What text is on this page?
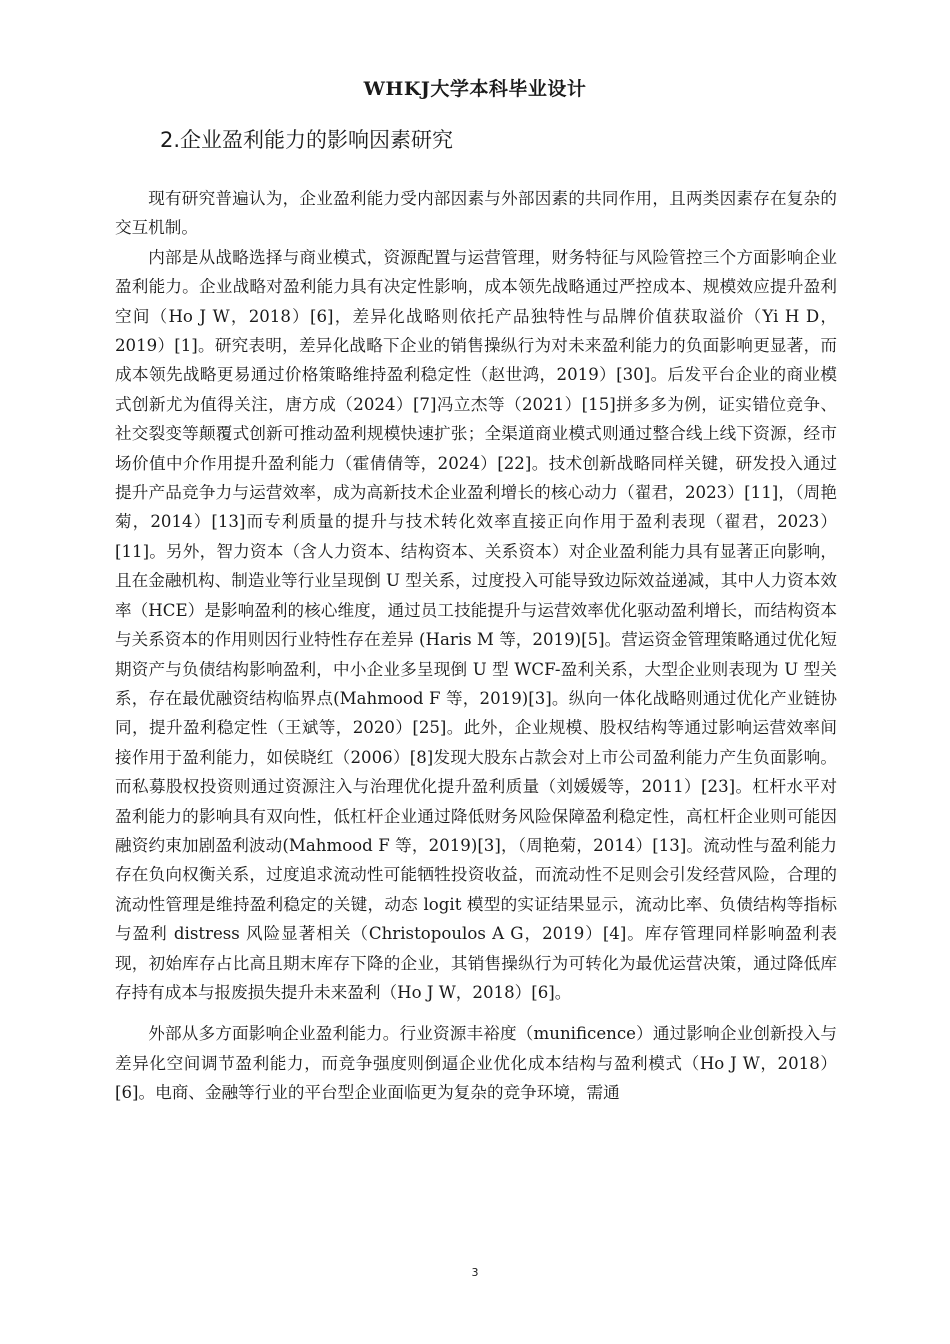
WHKJ大学本科毕业设计
2.企业盈利能力的影响因素研究

现有研究普遍认为，企业盈利能力受内部因素与外部因素的共同作用，且两类因素存在复杂的交互机制。

内部是从战略选择与商业模式，资源配置与运营管理，财务特征与风险管控三个方面影响企业盈利能力。企业战略对盈利能力具有决定性影响，成本领先战略通过严控成本、规模效应提升盈利空间（Ho J W，2018）[6]，差异化战略则依托产品独特性与品牌价值获取溢价（Yi H D，2019）[1]。研究表明，差异化战略下企业的销售操纵行为对未来盈利能力的负面影响更显著，而成本领先战略更易通过价格策略维持盈利稳定性（赵世鸿，2019）[30]。后发平台企业的商业模式创新尤为值得关注，唐方成（2024）[7]冯立杰等（2021）[15]拼多多为例，证实错位竞争、社交裂变等颠覆式创新可推动盈利规模快速扩张；全渠道商业模式则通过整合线上线下资源，经市场价值中介作用提升盈利能力（霍倩倩等，2024）[22]。技术创新战略同样关键，研发投入通过提升产品竞争力与运营效率，成为高新技术企业盈利增长的核心动力（翟君，2023）[11]，（周艳菊，2014）[13]而专利质量的提升与技术转化效率直接正向作用于盈利表现（翟君，2023）[11]。另外，智力资本（含人力资本、结构资本、关系资本）对企业盈利能力具有显著正向影响，且在金融机构、制造业等行业呈现倒 U 型关系，过度投入可能导致边际效益递减，其中人力资本效率（HCE）是影响盈利的核心维度，通过员工技能提升与运营效率优化驱动盈利增长，而结构资本与关系资本的作用则因行业特性存在差异 (Haris M 等，2019)[5]。营运资金管理策略通过优化短期资产与负债结构影响盈利，中小企业多呈现倒 U 型 WCF-盈利关系，大型企业则表现为 U 型关系，存在最优融资结构临界点(Mahmood F 等，2019)[3]。纵向一体化战略则通过优化产业链协同，提升盈利稳定性（王斌等，2020）[25]。此外，企业规模、股权结构等通过影响运营效率间接作用于盈利能力，如侯晓红（2006）[8]发现大股东占款会对上市公司盈利能力产生负面影响。而私募股权投资则通过资源注入与治理优化提升盈利质量（刘媛媛等，2011）[23]。杠杆水平对盈利能力的影响具有双向性，低杠杆企业通过降低财务风险保障盈利稳定性，高杠杆企业则可能因融资约束加剧盈利波动(Mahmood F 等，2019)[3]，（周艳菊，2014）[13]。流动性与盈利能力存在负向权衡关系，过度追求流动性可能牺牲投资收益，而流动性不足则会引发经营风险，合理的流动性管理是维持盈利稳定的关键，动态 logit 模型的实证结果显示，流动比率、负债结构等指标与盈利 distress 风险显著相关（Christopoulos A G，2019）[4]。库存管理同样影响盈利表现，初始库存占比高且期末库存下降的企业，其销售操纵行为可转化为最优运营决策，通过降低库存持有成本与报废损失提升未来盈利（Ho J W，2018）[6]。

外部从多方面影响企业盈利能力。行业资源丰裕度（munificence）通过影响企业创新投入与差异化空间调节盈利能力，而竞争强度则倒逼企业优化成本结构与盈利模式（Ho J W，2018）[6]。电商、金融等行业的平台型企业面临更为复杂的竞争环境，需通

3
